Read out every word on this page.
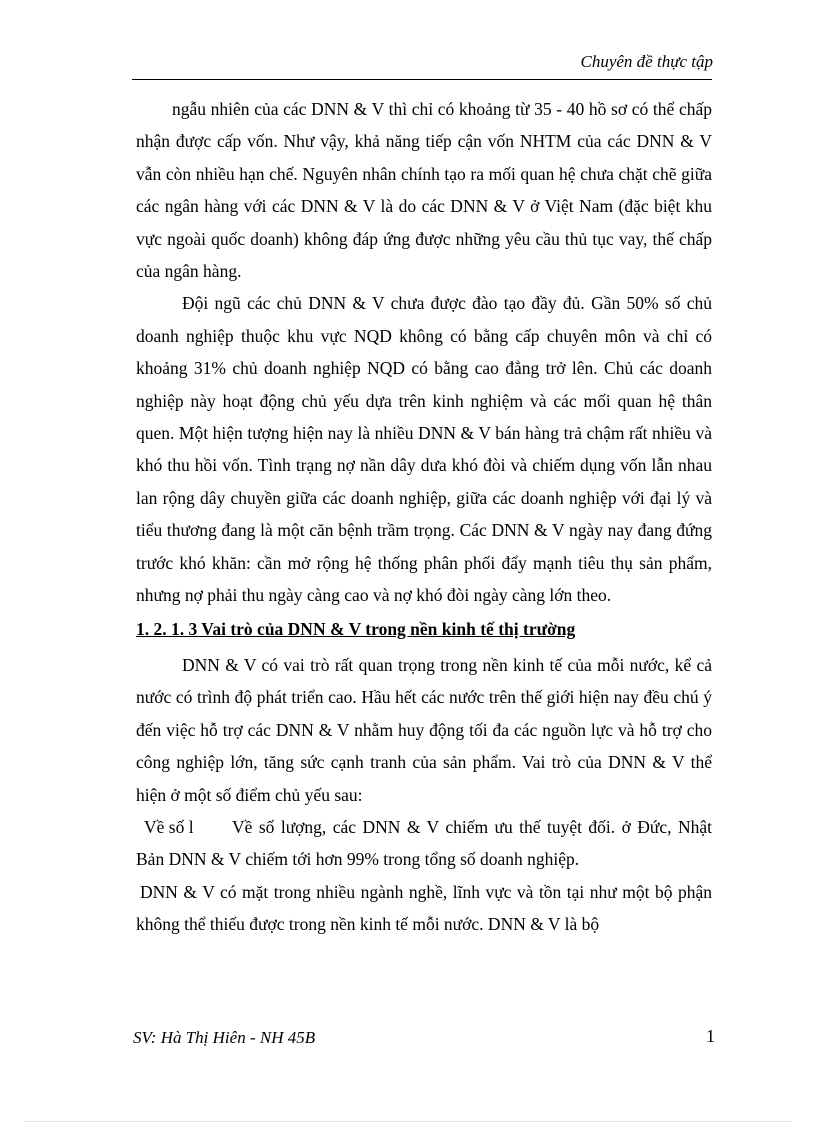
Chuyên đề thực tập

ngẫu nhiên của các DNN & V thì chỉ có khoảng từ 35 - 40 hồ sơ có thể chấp nhận được cấp vốn. Như vậy, khả năng tiếp cận vốn NHTM của các DNN & V vẫn còn nhiều hạn chế. Nguyên nhân chính tạo ra mối quan hệ chưa chặt chẽ giữa các ngân hàng với các DNN & V là do các DNN & V ở Việt Nam (đặc biệt khu vực ngoài quốc doanh) không đáp ứng được những yêu cầu thủ tục vay, thế chấp của ngân hàng.

Đội ngũ các chủ DNN & V chưa được đào tạo đầy đủ. Gần 50% số chủ doanh nghiệp thuộc khu vực NQD không có bằng cấp chuyên môn và chỉ có khoảng 31% chủ doanh nghiệp NQD có bằng cao đẳng trở lên. Chủ các doanh nghiệp này hoạt động chủ yếu dựa trên kinh nghiệm và các mối quan hệ thân quen. Một hiện tượng hiện nay là nhiều DNN & V bán hàng trả chậm rất nhiều và khó thu hồi vốn. Tình trạng nợ nần dây dưa khó đòi và chiếm dụng vốn lẫn nhau lan rộng dây chuyền giữa các doanh nghiệp, giữa các doanh nghiệp với đại lý và tiểu thương đang là một căn bệnh trầm trọng. Các DNN & V ngày nay đang đứng trước khó khăn: cần mở rộng hệ thống phân phối đẩy mạnh tiêu thụ sản phẩm, nhưng nợ phải thu ngày càng cao và nợ khó đòi ngày càng lớn theo.

1. 2. 1. 3 Vai trò của DNN & V trong nền kinh tế thị trường

DNN & V có vai trò rất quan trọng trong nền kinh tế của mỗi nước, kể cả nước có trình độ phát triển cao. Hầu hết các nước trên thế giới hiện nay đều chú ý đến việc hỗ trợ các DNN & V nhằm huy động tối đa các nguồn lực và hỗ trợ cho công nghiệp lớn, tăng sức cạnh tranh của sản phẩm. Vai trò của DNN & V thể hiện ở một số điểm chủ yếu sau:

Về số l Về số lượng, các DNN & V chiếm ưu thế tuyệt đối. ở Đức, Nhật Bản DNN & V chiếm tới hơn 99% trong tổng số doanh nghiệp.

DNN & V có mặt trong nhiều ngành nghề, lĩnh vực và tồn tại như một bộ phận không thể thiếu được trong nền kinh tế mỗi nước. DNN & V là bộ

SV: Hà Thị Hiên - NH 45B	1
